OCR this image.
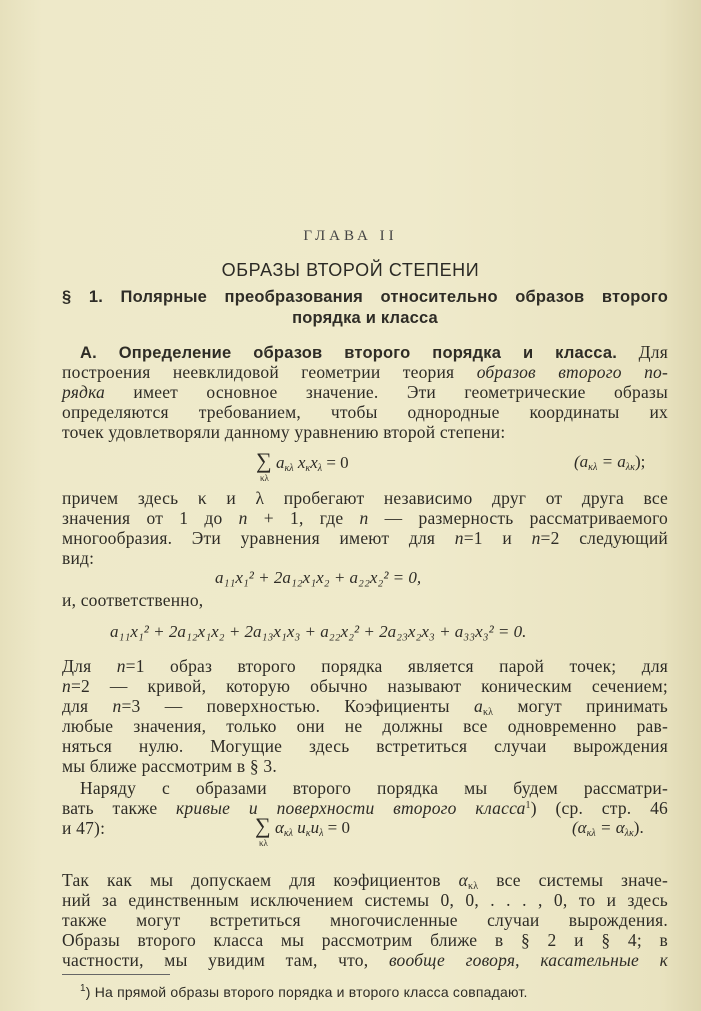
ГЛАВА II
ОБРАЗЫ ВТОРОЙ СТЕПЕНИ
§ 1. Полярные преобразования относительно образов второго
порядка и класса
А. Определение образов второго порядка и класса. Для
построения неевклидовой геометрии теория образов второго по-
рядка имеет основное значение. Эти геометрические образы
определяются требованием, чтобы однородные координаты их
точек удовлетворяли данному уравнению второй степени:
∑
κλ
$a_{\kappa\lambda}$ $x_\kappa x_\lambda = 0$	$(a_{\kappa\lambda} = a_{\lambda\kappa})$;
причем здесь κ и λ пробегают независимо друг от друга все
значения от 1 до n + 1, где n — размерность рассматриваемого
многообразия. Эти уравнения имеют для n=1 и n=2 следующий
вид:
a₁₁x₁² + 2a₁₂x₁x₂ + a₂₂x₂² = 0,
и, соответственно,
a₁₁x₁² + 2a₁₂x₁x₂ + 2a₁₃x₁x₃ + a₂₂x₂² + 2a₂₃x₂x₃ + a₃₃x₃² = 0.
Для n=1 образ второго порядка является парой точек; для
n=2 — кривой, которую обычно называют коническим сечением;
для n=3 — поверхностью. Коэфициенты $a_{\kappa\lambda}$ могут принимать
любые значения, только они не должны все одновременно рав-
няться нулю. Могущие здесь встретиться случаи вырождения
мы ближе рассмотрим в § 3.
Наряду с образами второго порядка мы будем рассматри-
вать также кривые и поверхности второго класса$^1$) (ср. стр. 46
и 47):	∑
κλ
$\alpha_{\kappa\lambda}$ $u_\kappa u_\lambda = 0$	$(\alpha_{\kappa\lambda} = \alpha_{\lambda\kappa})$.
Так как мы допускаем для коэфициентов $\alpha_{\kappa\lambda}$ все системы значе-
ний за единственным исключением системы 0, 0, . . . , 0, то и здесь
также могут встретиться многочисленные случаи вырождения.
Образы второго класса мы рассмотрим ближе в § 2 и § 4; в
частности, мы увидим там, что, вообще говоря, касательные к
$^1$) На прямой образы второго порядка и второго класса совпадают.
